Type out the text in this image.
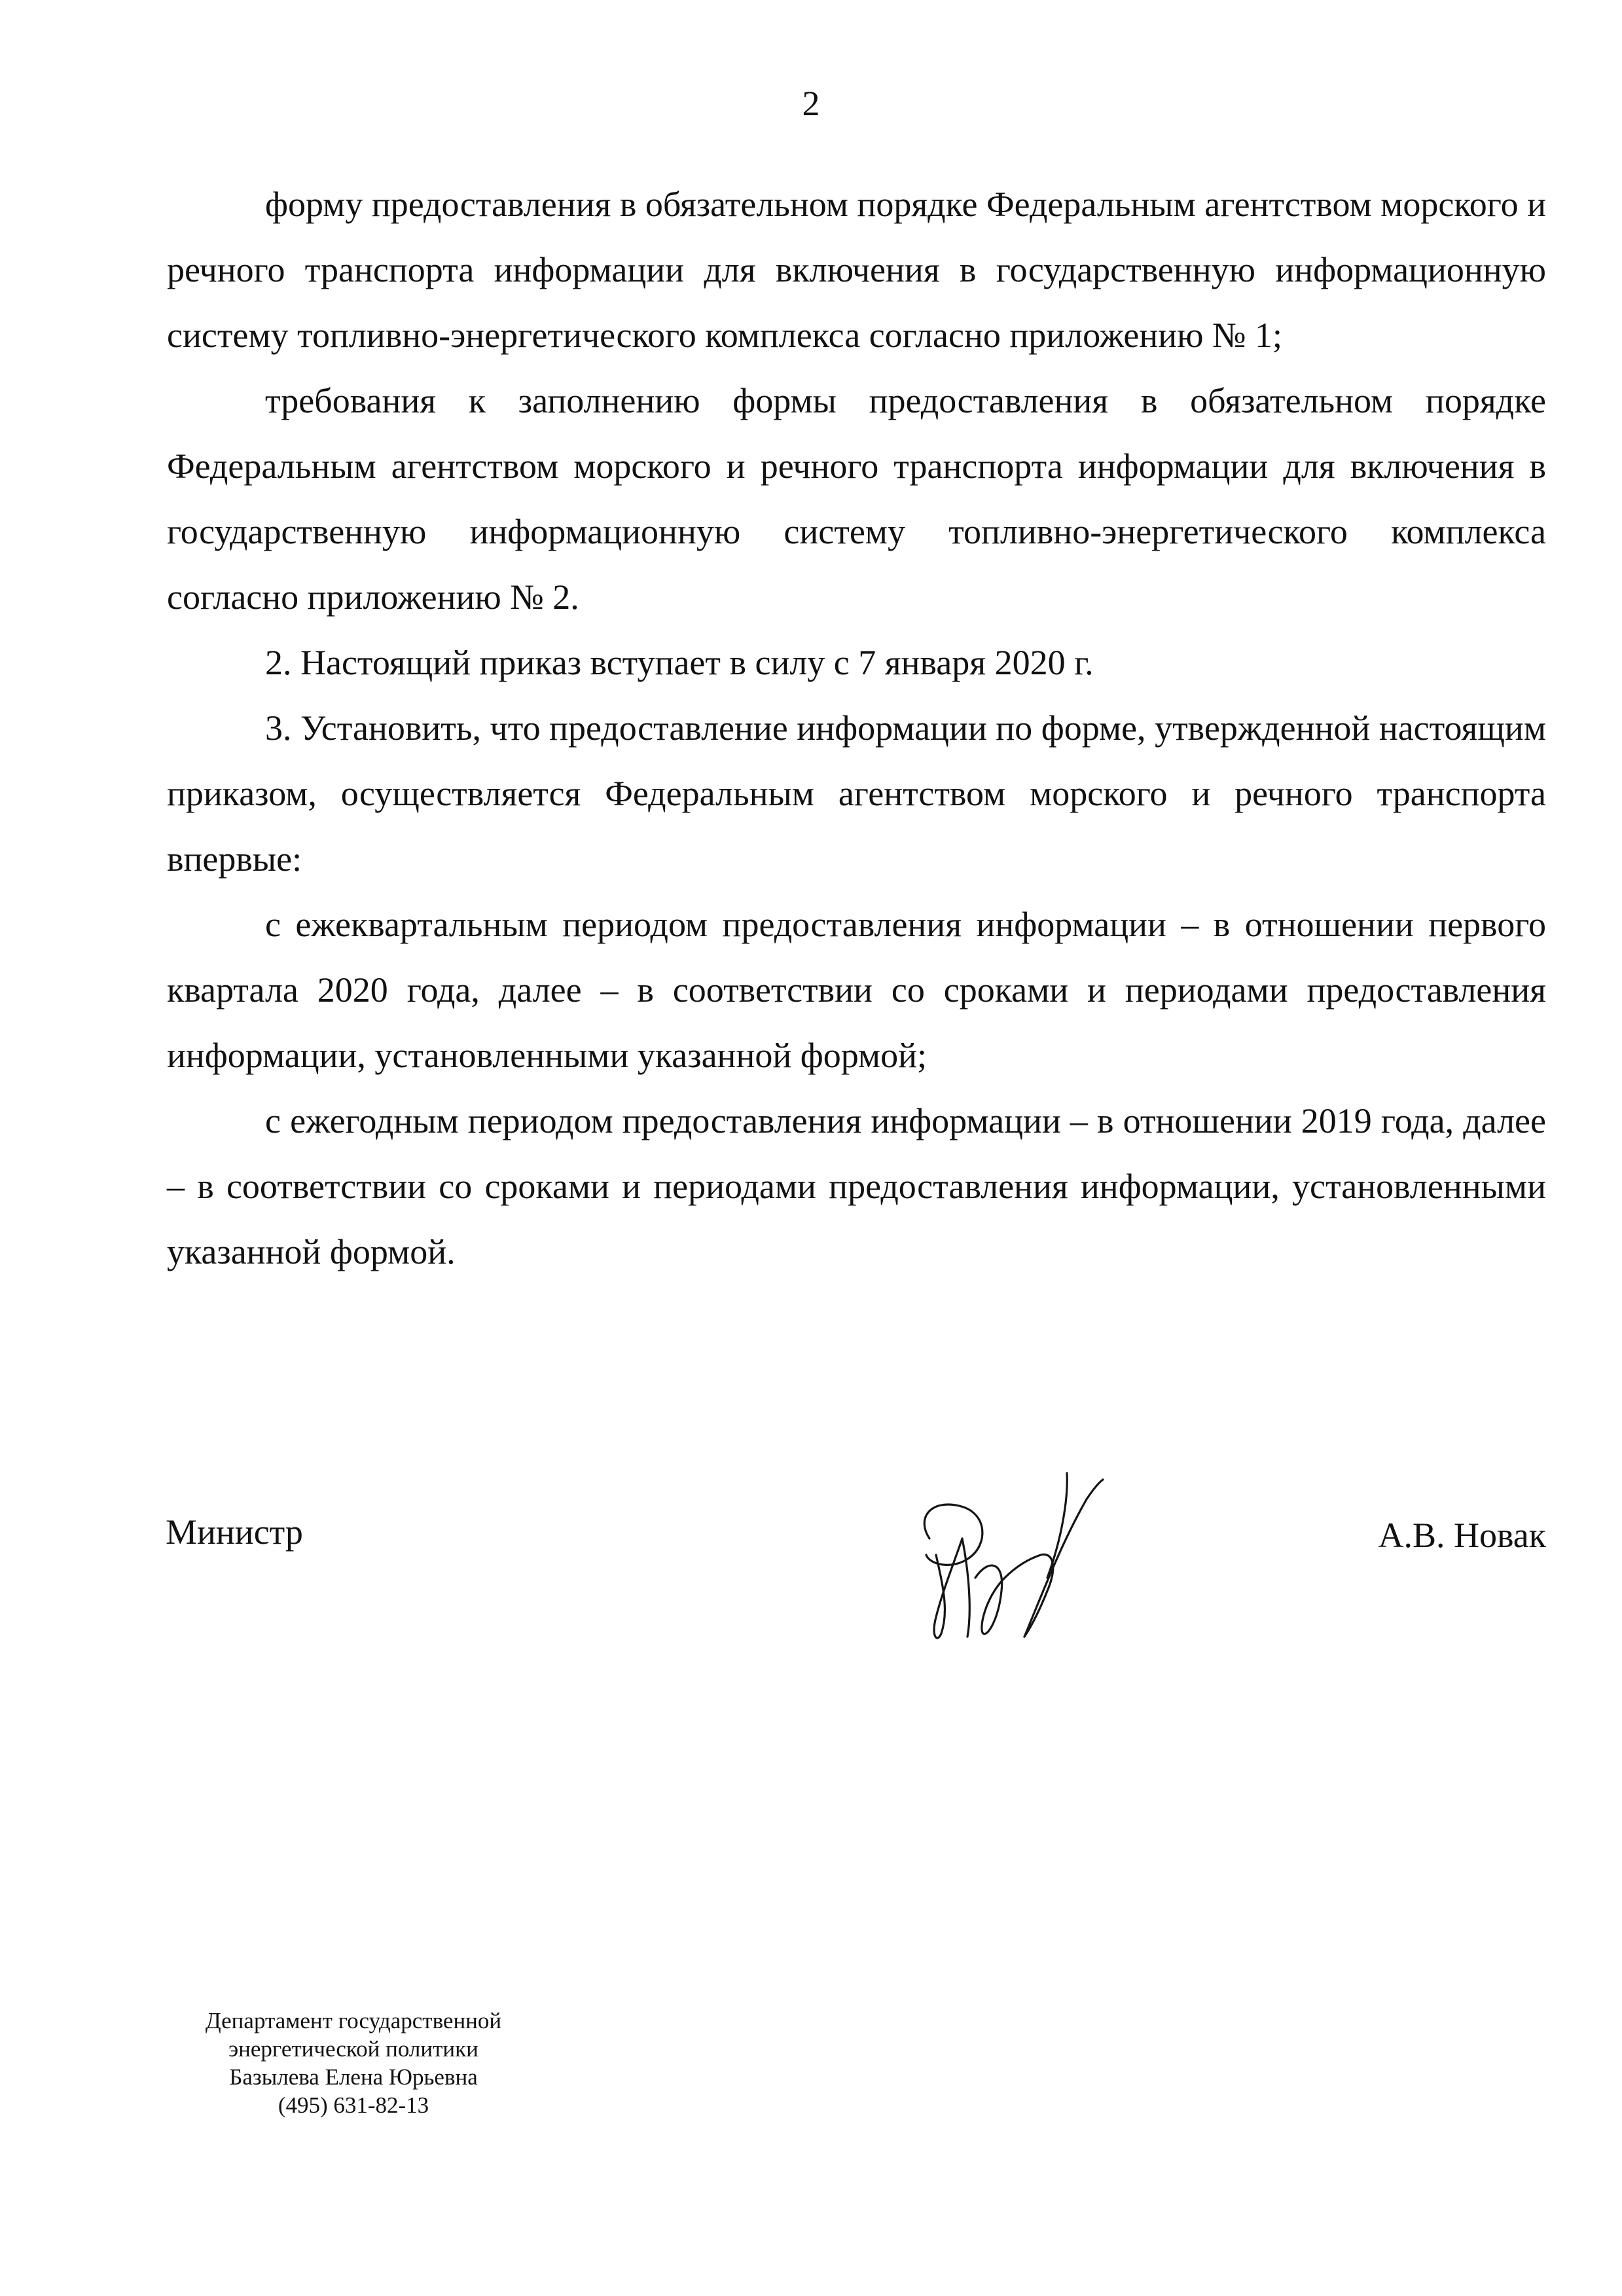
2

форму предоставления в обязательном порядке Федеральным агентством морского и речного транспорта информации для включения в государственную информационную систему топливно-энергетического комплекса согласно приложению № 1;

требования к заполнению формы предоставления в обязательном порядке Федеральным агентством морского и речного транспорта информации для включения в государственную информационную систему топливно-энергетического комплекса согласно приложению № 2.

2. Настоящий приказ вступает в силу с 7 января 2020 г.

3. Установить, что предоставление информации по форме, утвержденной настоящим приказом, осуществляется Федеральным агентством морского и речного транспорта впервые:

с ежеквартальным периодом предоставления информации – в отношении первого квартала 2020 года, далее – в соответствии со сроками и периодами предоставления информации, установленными указанной формой;

с ежегодным периодом предоставления информации – в отношении 2019 года, далее – в соответствии со сроками и периодами предоставления информации, установленными указанной формой.

Министр	А.В. Новак
Департамент государственной
энергетической политики
Базылева Елена Юрьевна
(495) 631-82-13
